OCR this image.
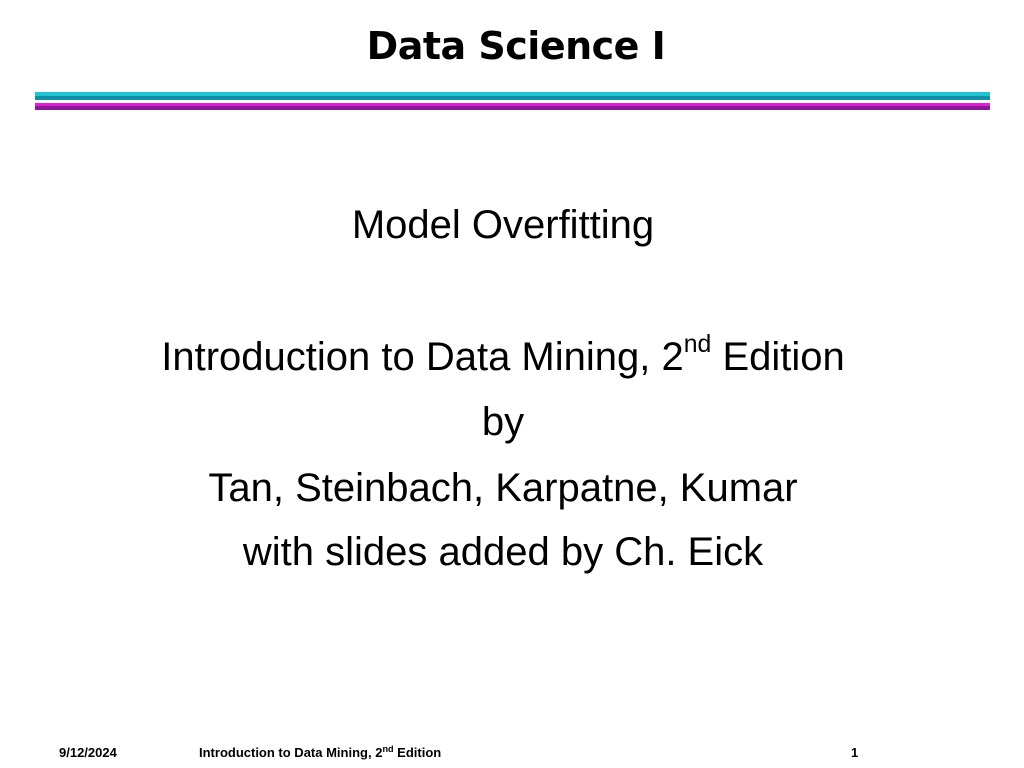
Data Science I
Model Overfitting
Introduction to Data Mining, 2nd Edition
by
Tan, Steinbach, Karpatne, Kumar
with slides added by Ch. Eick
9/12/2024	Introduction to Data Mining, 2nd Edition	1
